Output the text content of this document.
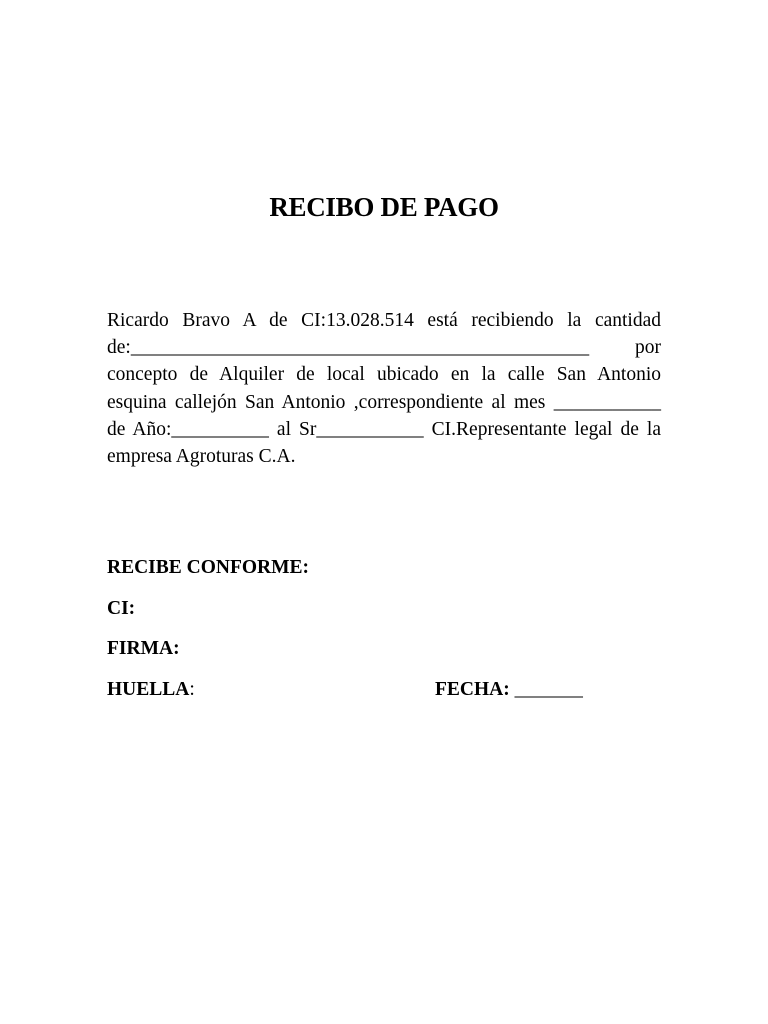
RECIBO DE PAGO
Ricardo Bravo A de CI:13.028.514 está recibiendo la cantidad
de:_______________________________________________ por
concepto de Alquiler de local ubicado en la calle San Antonio
esquina callejón San Antonio ,correspondiente al mes ___________
de Año:__________ al Sr___________ CI.Representante legal de la
empresa Agroturas C.A.
RECIBE CONFORME:
CI:
FIRMA:
HUELLA:	FECHA: _______
